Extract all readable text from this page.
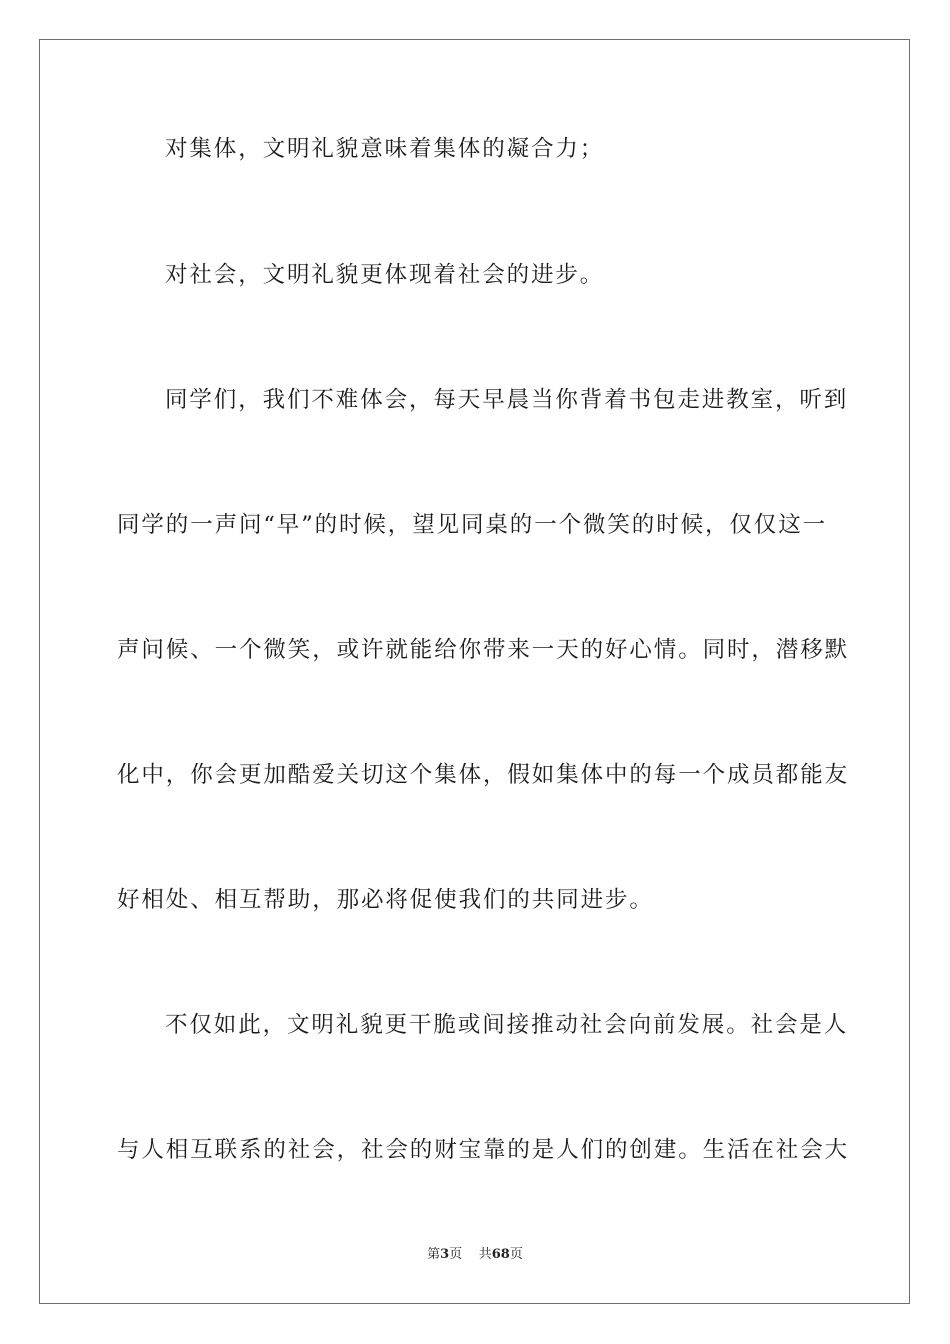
对集体，文明礼貌意味着集体的凝合力；
对社会，文明礼貌更体现着社会的进步。
同学们，我们不难体会，每天早晨当你背着书包走进教室，听到
同学的一声问“早”的时候，望见同桌的一个微笑的时候，仅仅这一
声问候、一个微笑，或许就能给你带来一天的好心情。同时，潜移默
化中，你会更加酷爱关切这个集体，假如集体中的每一个成员都能友
好相处、相互帮助，那必将促使我们的共同进步。
不仅如此，文明礼貌更干脆或间接推动社会向前发展。社会是人
与人相互联系的社会，社会的财宝靠的是人们的创建。生活在社会大
第3页 共68页
